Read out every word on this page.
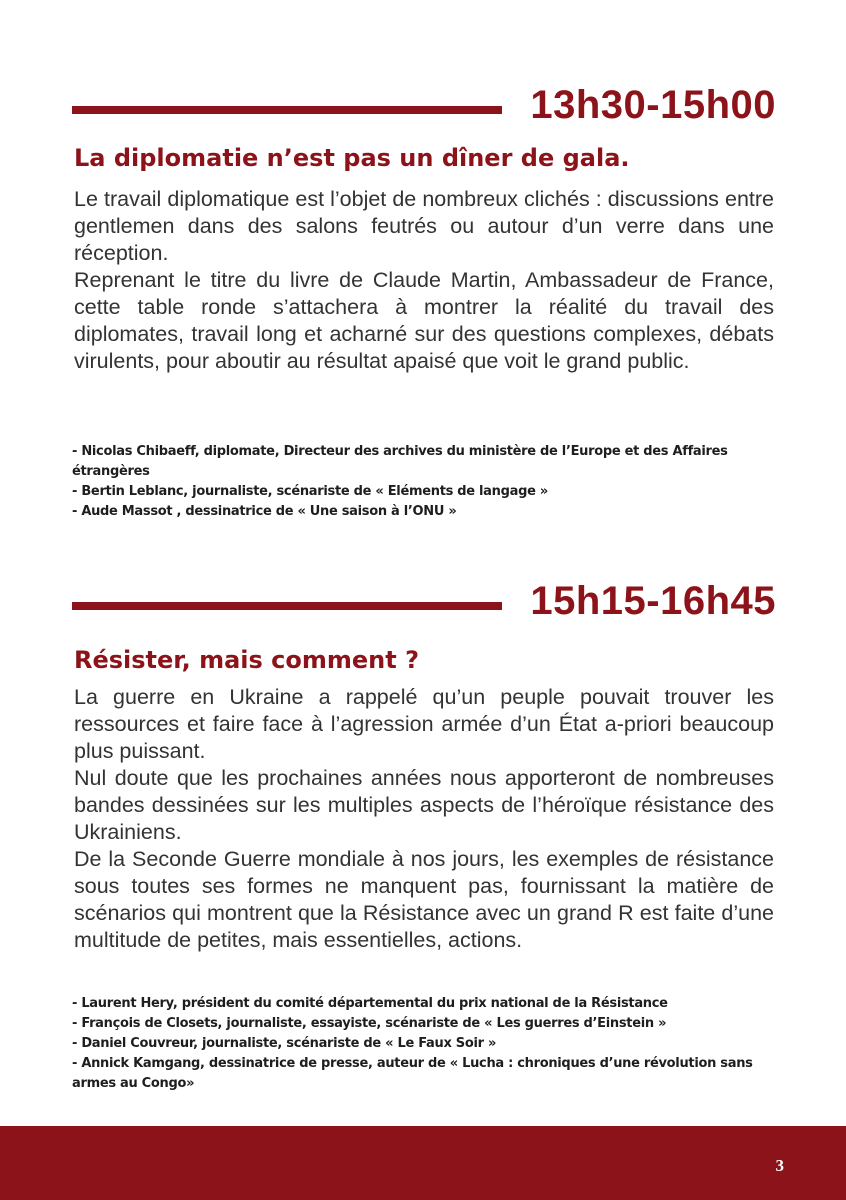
13h30-15h00
La diplomatie n’est pas un dîner de gala.

Le travail diplomatique est l’objet de nombreux clichés : discussions entre gentlemen dans des salons feutrés ou autour d’un verre dans une réception.

Reprenant le titre du livre de Claude Martin, Ambassadeur de France, cette table ronde s’attachera à montrer la réalité du travail des diplomates, travail long et acharné sur des questions complexes, débats virulents, pour aboutir au résultat apaisé que voit le grand public.

- Nicolas Chibaeff, diplomate, Directeur des archives du ministère de l’Europe et des Affaires étrangères
- Bertin Leblanc, journaliste, scénariste de « Eléments de langage »
- Aude Massot , dessinatrice de « Une saison à l’ONU »
15h15-16h45
Résister, mais comment ?

La guerre en Ukraine a rappelé qu’un peuple pouvait trouver les ressources et faire face à l’agression armée d’un État a-priori beaucoup plus puissant.

Nul doute que les prochaines années nous apporteront de nombreuses bandes dessinées sur les multiples aspects de l’héroïque résistance des Ukrainiens.

De la Seconde Guerre mondiale à nos jours, les exemples de résistance sous toutes ses formes ne manquent pas, fournissant la matière de scénarios qui montrent que la Résistance avec un grand R est faite d’une multitude de petites, mais essentielles, actions.

- Laurent Hery, président du comité départemental du prix national de la Résistance
- François de Closets, journaliste, essayiste, scénariste de « Les guerres d’Einstein »
- Daniel Couvreur, journaliste, scénariste de « Le Faux Soir »
- Annick Kamgang, dessinatrice de presse, auteur de « Lucha : chroniques d’une révolution sans armes au Congo»
3
